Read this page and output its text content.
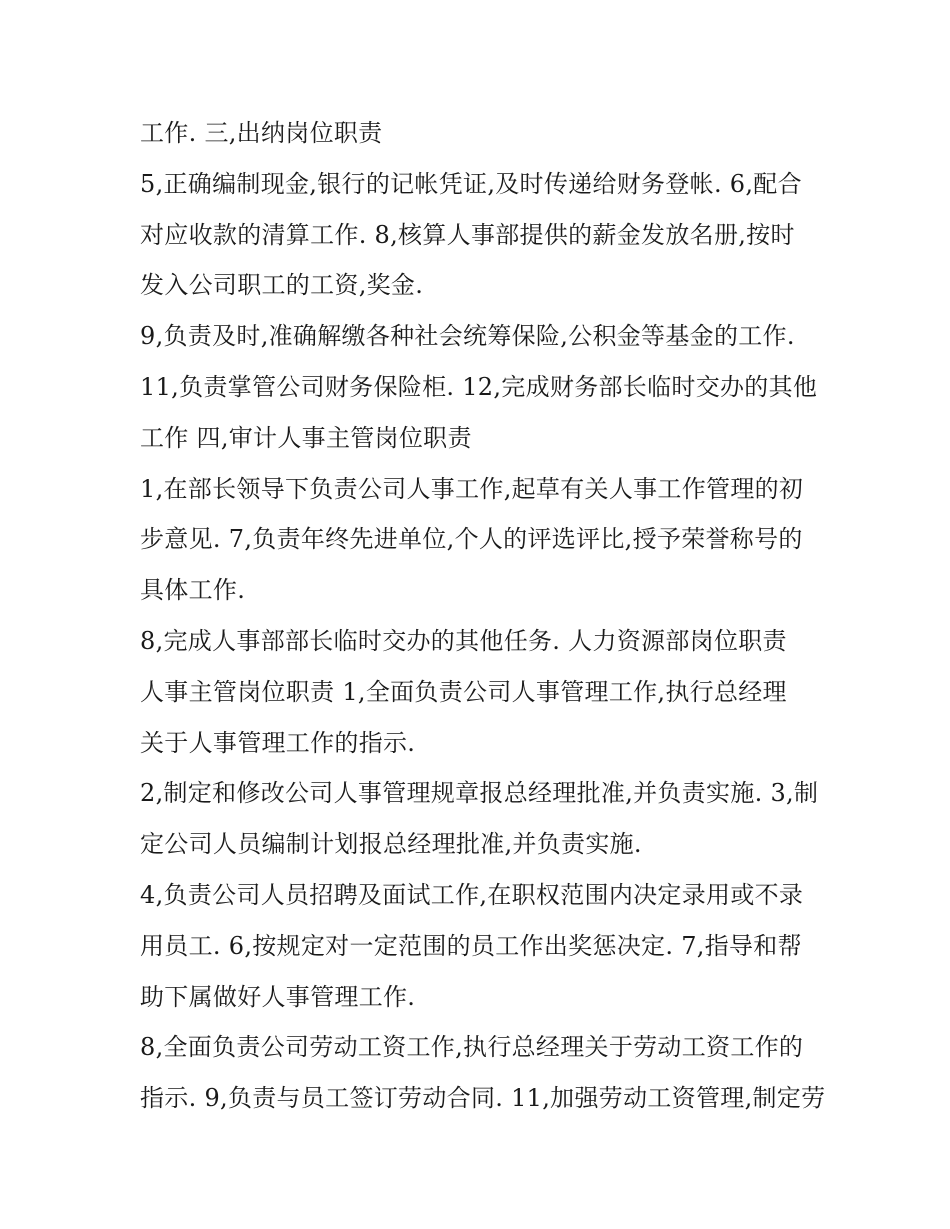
工作. 三,出纳岗位职责
5,正确编制现金,银行的记帐凭证,及时传递给财务登帐. 6,配合
对应收款的清算工作. 8,核算人事部提供的薪金发放名册,按时
发入公司职工的工资,奖金.
9,负责及时,准确解缴各种社会统筹保险,公积金等基金的工作.
11,负责掌管公司财务保险柜. 12,完成财务部长临时交办的其他
工作 四,审计人事主管岗位职责
1,在部长领导下负责公司人事工作,起草有关人事工作管理的初
步意见. 7,负责年终先进单位,个人的评选评比,授予荣誉称号的
具体工作.
8,完成人事部部长临时交办的其他任务. 人力资源部岗位职责
人事主管岗位职责 1,全面负责公司人事管理工作,执行总经理
关于人事管理工作的指示.
2,制定和修改公司人事管理规章报总经理批准,并负责实施. 3,制
定公司人员编制计划报总经理批准,并负责实施.
4,负责公司人员招聘及面试工作,在职权范围内决定录用或不录
用员工. 6,按规定对一定范围的员工作出奖惩决定. 7,指导和帮
助下属做好人事管理工作.
8,全面负责公司劳动工资工作,执行总经理关于劳动工资工作的
指示. 9,负责与员工签订劳动合同. 11,加强劳动工资管理,制定劳
